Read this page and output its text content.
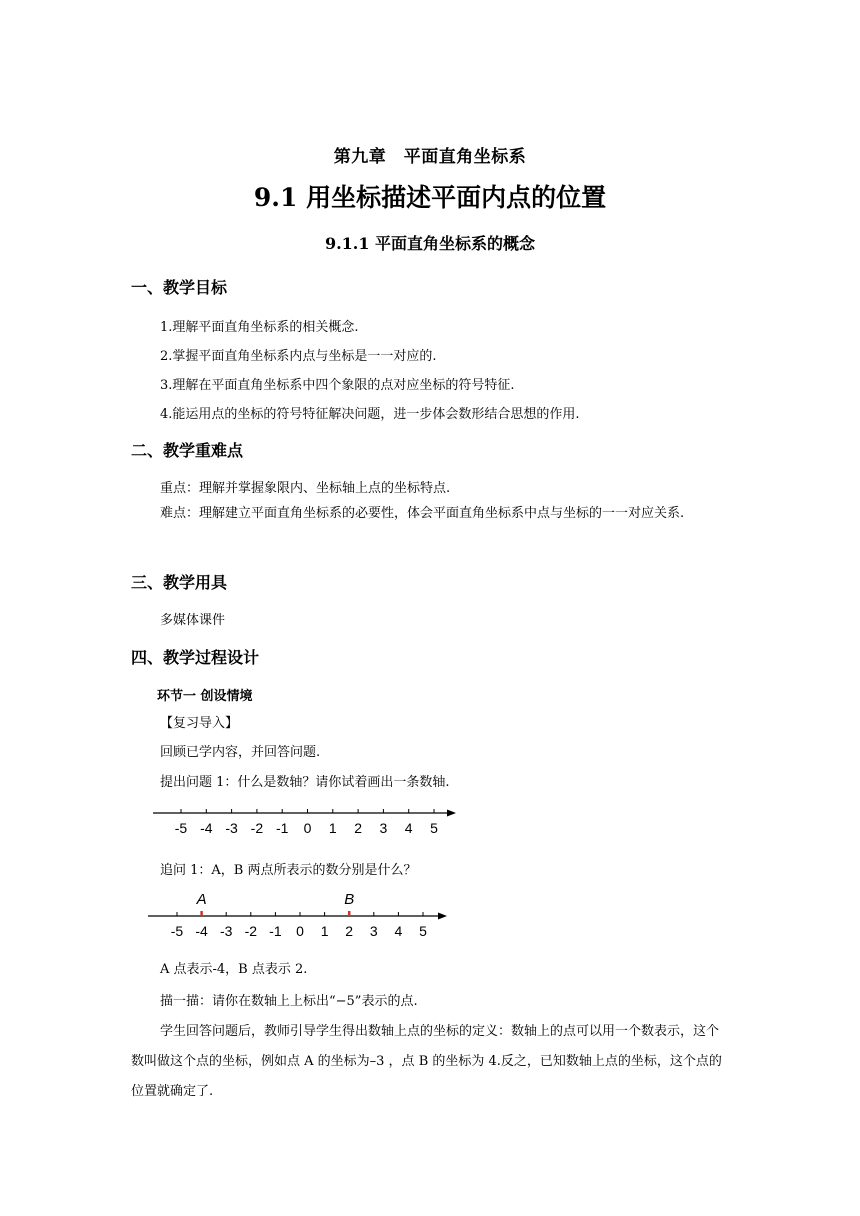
第九章　平面直角坐标系
9.1 用坐标描述平面内点的位置
9.1.1 平面直角坐标系的概念
一、教学目标
1.理解平面直角坐标系的相关概念.
2.掌握平面直角坐标系内点与坐标是一一对应的.
3.理解在平面直角坐标系中四个象限的点对应坐标的符号特征.
4.能运用点的坐标的符号特征解决问题，进一步体会数形结合思想的作用.
二、教学重难点
重点：理解并掌握象限内、坐标轴上点的坐标特点.
难点：理解建立平面直角坐标系的必要性，体会平面直角坐标系中点与坐标的一一对应关系.
三、教学用具
多媒体课件
四、教学过程设计
环节一 创设情境
【复习导入】
回顾已学内容，并回答问题.
提出问题 1：什么是数轴？请你试着画出一条数轴.
-5 -4 -3 -2 -1 0 1 2 3 4 5
追问 1：A，B 两点所表示的数分别是什么？
-5 -4 -3 -2 -1 0 1 2 3 4 5
A	B
A 点表示-4，B 点表示 2.
描一描：请你在数轴上上标出“−5”表示的点.
学生回答问题后，教师引导学生得出数轴上点的坐标的定义：数轴上的点可以用一个数表示，这个数叫做这个点的坐标，例如点 A 的坐标为–3 ，点 B 的坐标为 4.反之，已知数轴上点的坐标，这个点的位置就确定了.
